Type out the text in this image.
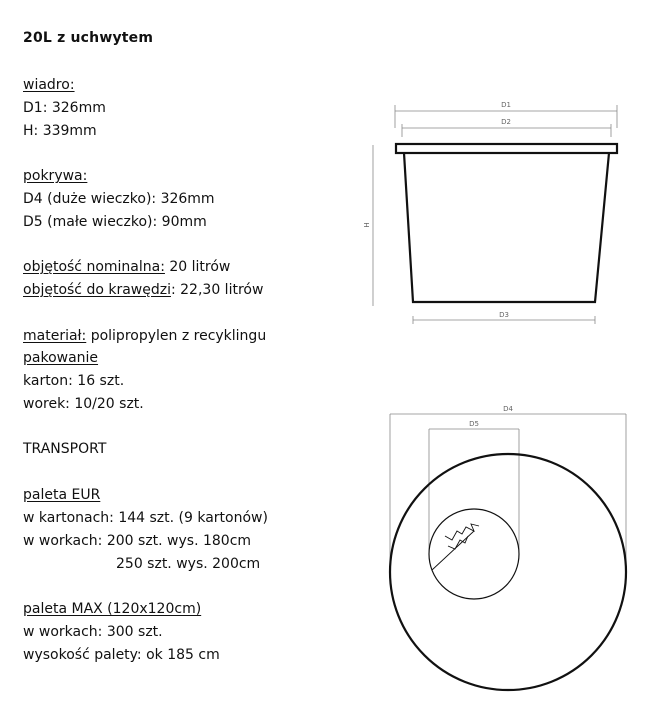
20L z uchwytem
wiadro:
D1: 326mm
H: 339mm
pokrywa:
D4 (duże wieczko): 326mm
D5 (małe wieczko): 90mm
objętość nominalna: 20 litrów
objętość do krawędzi: 22,30 litrów
materiał: polipropylen z recyklingu
pakowanie
karton: 16 szt.
worek: 10/20 szt.
TRANSPORT
paleta EUR
w kartonach: 144 szt. (9 kartonów)
w workach: 200 szt. wys. 180cm
250 szt. wys. 200cm
paleta MAX (120x120cm)
w workach: 300 szt.
wysokość palety: ok 185 cm
D1
D2
H
D3
D4
D5
